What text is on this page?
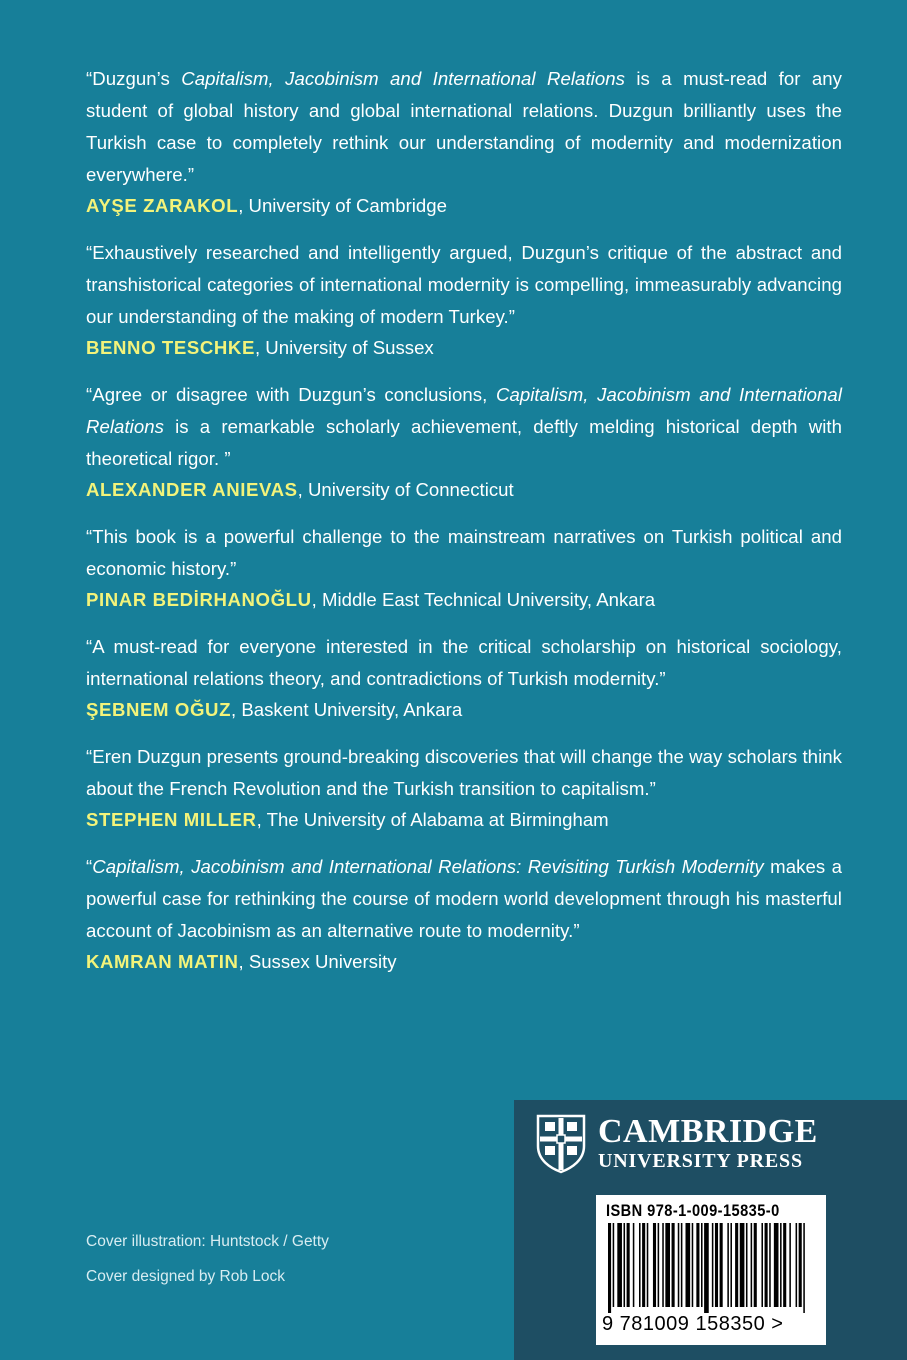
“Duzgun’s Capitalism, Jacobinism and International Relations is a must-read for any student of global history and global international relations. Duzgun brilliantly uses the Turkish case to completely rethink our understanding of modernity and modernization everywhere.”

AYŞE ZARAKOL, University of Cambridge

“Exhaustively researched and intelligently argued, Duzgun’s critique of the abstract and transhistorical categories of international modernity is compelling, immeasurably advancing our understanding of the making of modern Turkey.”

BENNO TESCHKE, University of Sussex

“Agree or disagree with Duzgun’s conclusions, Capitalism, Jacobinism and International Relations is a remarkable scholarly achievement, deftly melding historical depth with theoretical rigor. ”

ALEXANDER ANIEVAS, University of Connecticut

“This book is a powerful challenge to the mainstream narratives on Turkish political and economic history.”

PINAR BEDİRHANOĞLU, Middle East Technical University, Ankara

“A must-read for everyone interested in the critical scholarship on historical sociology, international relations theory, and contradictions of Turkish modernity.”

ŞEBNEM OĞUZ, Baskent University, Ankara

“Eren Duzgun presents ground-breaking discoveries that will change the way scholars think about the French Revolution and the Turkish transition to capitalism.”

STEPHEN MILLER, The University of Alabama at Birmingham

“Capitalism, Jacobinism and International Relations: Revisiting Turkish Modernity makes a powerful case for rethinking the course of modern world development through his masterful account of Jacobinism as an alternative route to modernity.”

KAMRAN MATIN, Sussex University

Cover illustration: Huntstock / Getty
Cover designed by Rob Lock
CAMBRIDGE
UNIVERSITY PRESS
ISBN 978-1-009-15835-0
9 781009 158350 >
